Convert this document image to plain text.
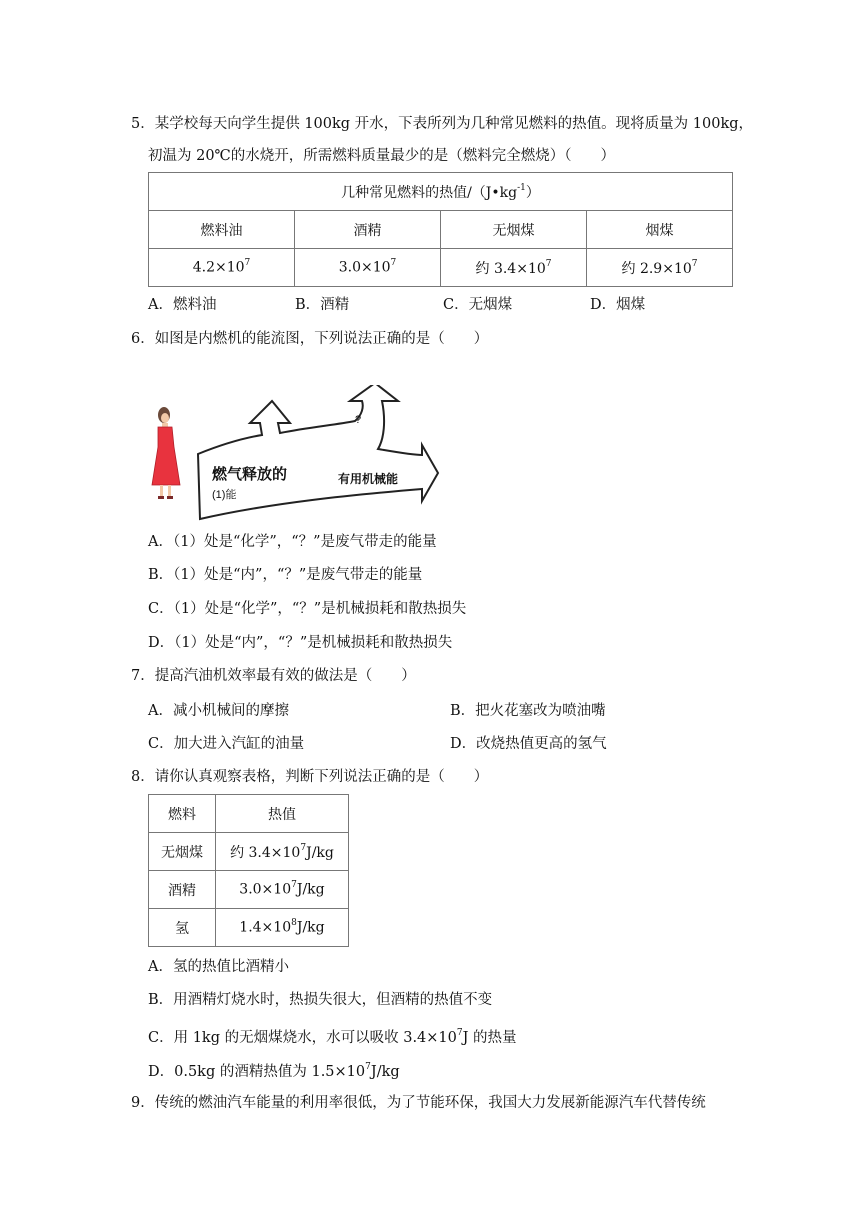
5．某学校每天向学生提供 100kg 开水，下表所列为几种常见燃料的热值。现将质量为 100kg，
初温为 20℃的水烧开，所需燃料质量最少的是（燃料完全燃烧）（　　）
几种常见燃料的热值$/(J•kg^{-1})$			
燃料油	酒精	无烟煤	烟煤
$4.2\times 10^7$	$3.0\times 10^7$	约 $3.4\times 10^7$	约 $2.9\times 10^7$
A．燃料油	B．酒精	C．无烟煤	D．烟煤
6．如图是内燃机的能流图，下列说法正确的是（　　）
燃气释放的
(1)能
有用机械能
?
A．（1）处是“化学”，“？”是废气带走的能量
B．（1）处是“内”，“？”是废气带走的能量
C．（1）处是“化学”，“？”是机械损耗和散热损失
D．（1）处是“内”，“？”是机械损耗和散热损失
7．提高汽油机效率最有效的做法是（　　）
A．减小机械间的摩擦	B．把火花塞改为喷油嘴
C．加大进入汽缸的油量	D．改烧热值更高的氢气
8．请你认真观察表格，判断下列说法正确的是（　　）
燃料	热值
无烟煤	约 $3.4\times 10^7J/kg$
酒精	$3.0\times 10^7J/kg$
氢	$1.4\times 10^8J/kg$
A．氢的热值比酒精小
B．用酒精灯烧水时，热损失很大，但酒精的热值不变
C．用 1kg 的无烟煤烧水，水可以吸收 $3.4\times 10^7J$ 的热量
D．0.5kg 的酒精热值为 $1.5\times 10^7J/kg$
9．传统的燃油汽车能量的利用率很低，为了节能环保，我国大力发展新能源汽车代替传统
